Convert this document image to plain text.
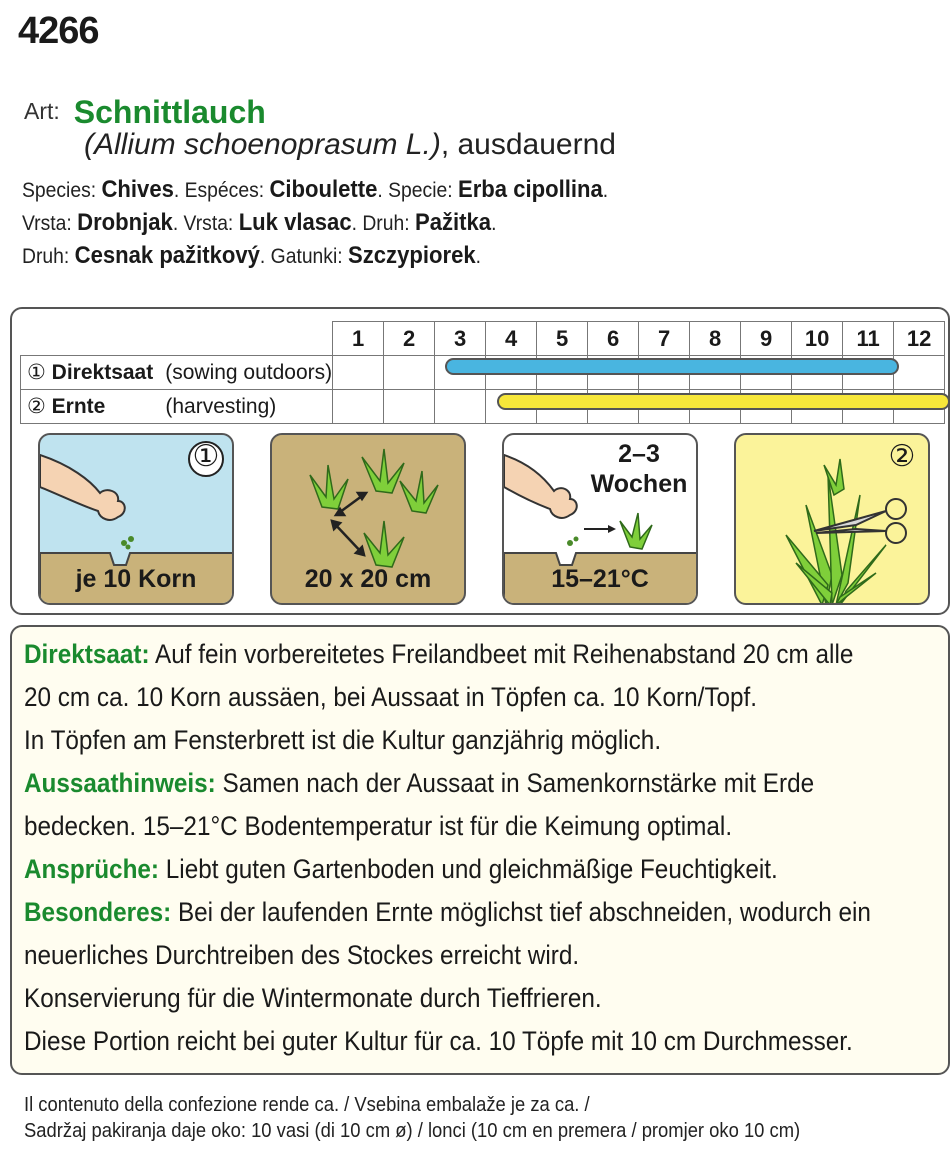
4266
Art: Schnittlauch
(Allium schoenoprasum L.), ausdauernd
Species: Chives. Espéces: Ciboulette. Specie: Erba cipollina.
Vrsta: Drobnjak. Vrsta: Luk vlasac. Druh: Pažitka.
Druh: Cesnak pažitkový. Gatunki: Szczypiorek.
	1	2	3	4	5	6	7	8	9	10	11	12
① Direktsaat (sowing outdoors)												
② Ernte (harvesting)												
①
je 10 Korn	20 x 20 cm
2–3
Wochen
15–21°C
②
Direktsaat: Auf fein vorbereitetes Freilandbeet mit Reihenabstand 20 cm alle
20 cm ca. 10 Korn aussäen, bei Aussaat in Töpfen ca. 10 Korn/Topf.
In Töpfen am Fensterbrett ist die Kultur ganzjährig möglich.
Aussaathinweis: Samen nach der Aussaat in Samenkornstärke mit Erde
bedecken. 15–21°C Bodentemperatur ist für die Keimung optimal.
Ansprüche: Liebt guten Gartenboden und gleichmäßige Feuchtigkeit.
Besonderes: Bei der laufenden Ernte möglichst tief abschneiden, wodurch ein
neuerliches Durchtreiben des Stockes erreicht wird.
Konservierung für die Wintermonate durch Tieffrieren.
Diese Portion reicht bei guter Kultur für ca. 10 Töpfe mit 10 cm Durchmesser.
Il contenuto della confezione rende ca. / Vsebina embalaže je za ca. /
Sadržaj pakiranja daje oko: 10 vasi (di 10 cm ø) / lonci (10 cm en premera / promjer oko 10 cm)
